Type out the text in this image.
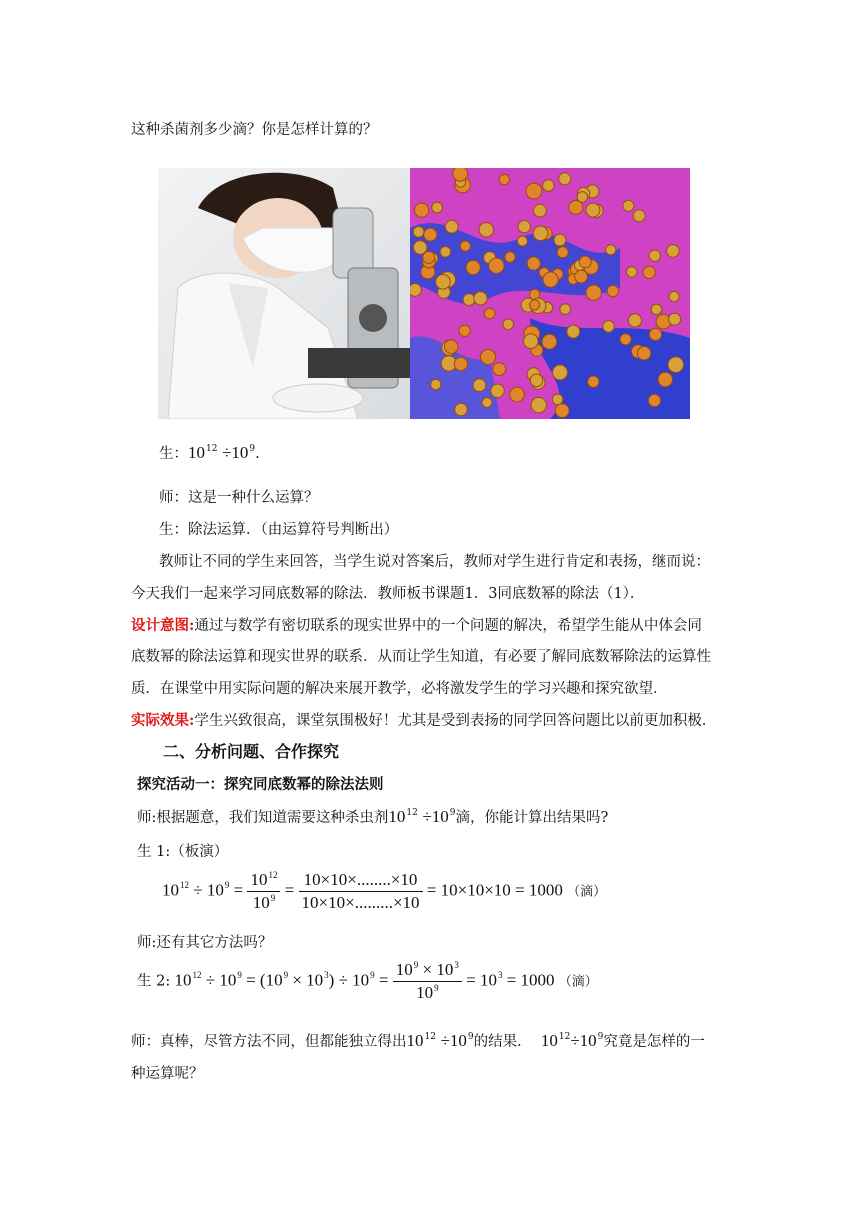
这种杀菌剂多少滴？你是怎样计算的？
生：$10^{12} \div 10^9$.
师：这是一种什么运算？
生：除法运算．（由运算符号判断出）
教师让不同的学生来回答，当学生说对答案后，教师对学生进行肯定和表扬，继而说：
今天我们一起来学习同底数幂的除法．教师板书课题1．3同底数幂的除法（1）．
设计意图:通过与数学有密切联系的现实世界中的一个问题的解决，希望学生能从中体会同
底数幂的除法运算和现实世界的联系．从而让学生知道，有必要了解同底数幂除法的运算性
质．在课堂中用实际问题的解决来展开教学，必将激发学生的学习兴趣和探究欲望．
实际效果:学生兴致很高，课堂氛围极好！尤其是受到表扬的同学回答问题比以前更加积极．
二、分析问题、合作探究
探究活动一：探究同底数幂的除法法则
师:根据题意，我们知道需要这种杀虫剂$10^{12} \div 10^9$滴，你能计算出结果吗?
生 1:（板演）
$10^{12} \div 10^9 = \frac{10^{12}}{10^9} = \frac{10\times 10\times........\times 10}{10\times 10\times.........\times 10} = 10\times 10\times 10 = 1000$ （滴）
师:还有其它方法吗？
生 2: $10^{12} \div 10^9 = (10^9 \times 10^3) \div 10^9 = \frac{10^9 \times 10^3}{10^9} = 10^3 = 1000$ （滴）
师：真棒，尽管方法不同，但都能独立得出$10^{12} \div 10^9$的结果． $10^{12}\div 10^9$究竟是怎样的一
种运算呢？
